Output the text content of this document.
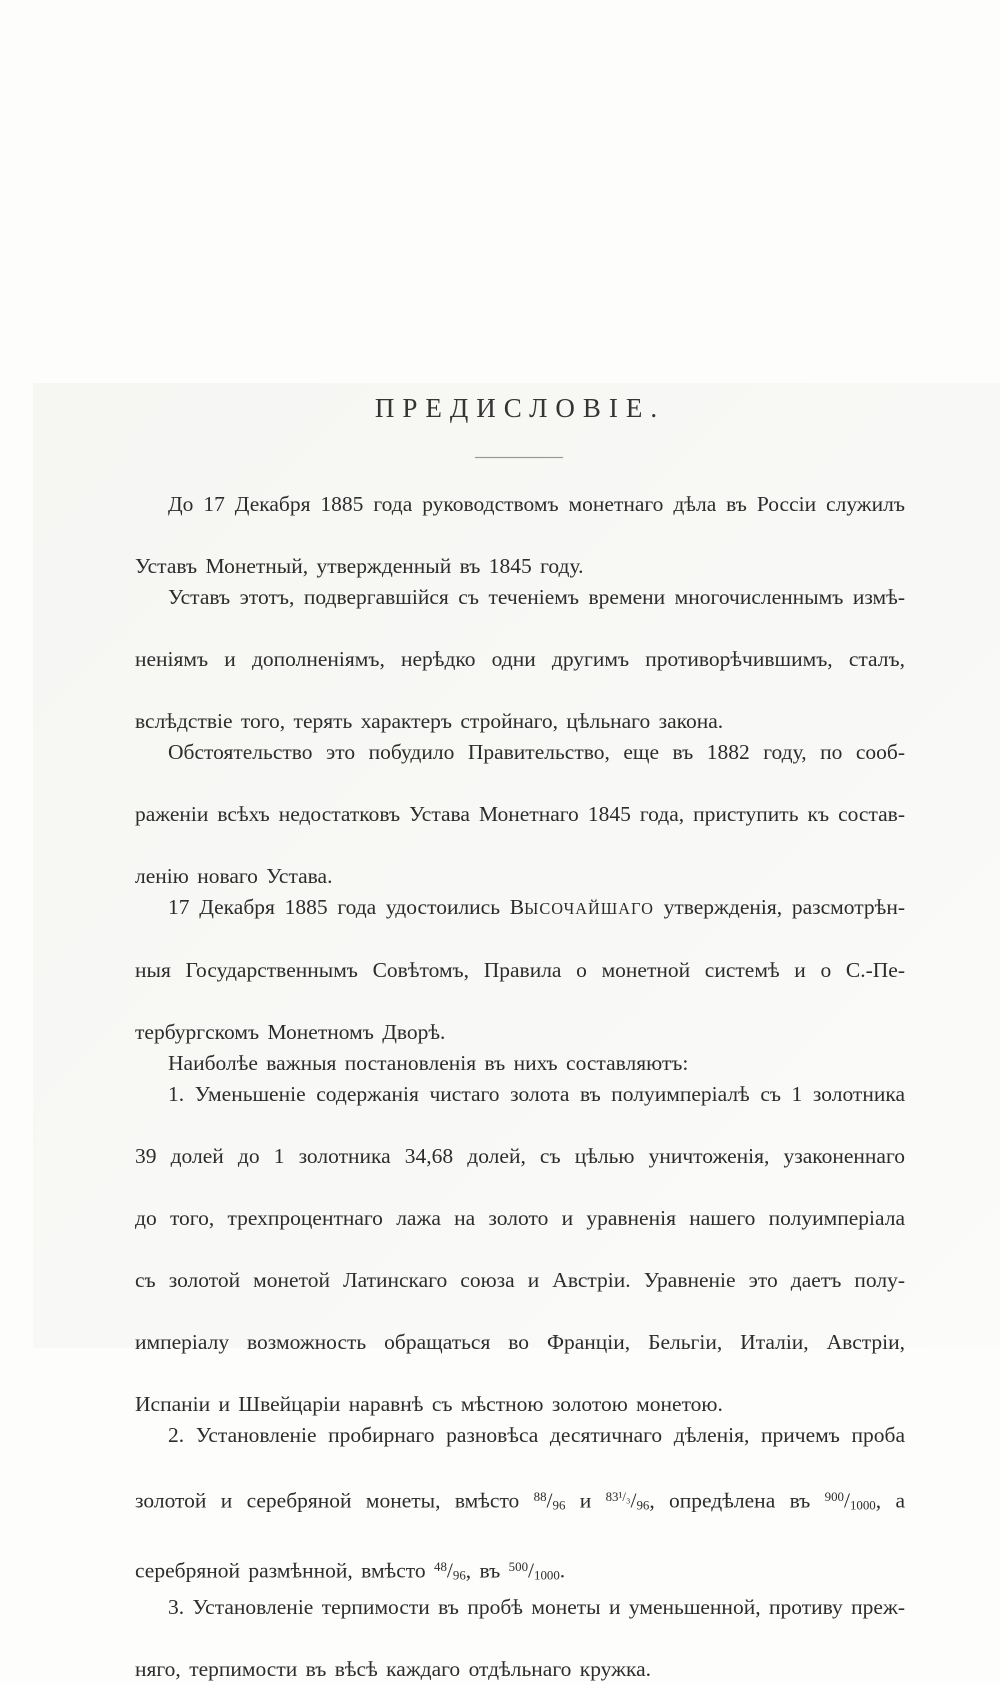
ПРЕДИСЛОВІЕ.
До 17 Декабря 1885 года руководствомъ монетнаго дѣла въ Россіи служилъ
Уставъ Монетный, утвержденный въ 1845 году.
Уставъ этотъ, подвергавшійся съ теченіемъ времени многочисленнымъ измѣ-
неніямъ и дополненіямъ, нерѣдко одни другимъ противорѣчившимъ, сталъ,
вслѣдствіе того, терять характеръ стройнаго, цѣльнаго закона.
Обстоятельство это побудило Правительство, еще въ 1882 году, по сооб-
раженіи всѣхъ недостатковъ Устава Монетнаго 1845 года, приступить къ состав-
ленію новаго Устава.
17 Декабря 1885 года удостоились ВЫСОЧАЙШАГО утвержденія, разсмотрѣн-
ныя Государственнымъ Совѣтомъ, Правила о монетной системѣ и о С.-Пе-
тербургскомъ Монетномъ Дворѣ.
Наиболѣе важныя постановленія въ нихъ составляютъ:
1. Уменьшеніе содержанія чистаго золота въ полуимперіалѣ съ 1 золотника
39 долей до 1 золотника 34,68 долей, съ цѣлью уничтоженія, узаконеннаго
до того, трехпроцентнаго лажа на золото и уравненія нашего полуимперіала
съ золотой монетой Латинскаго союза и Австріи. Уравненіе это даетъ полу-
имперіалу возможность обращаться во Франціи, Бельгіи, Италіи, Австріи,
Испаніи и Швейцаріи наравнѣ съ мѣстною золотою монетою.
2. Установленіе пробирнаго разновѣса десятичнаго дѣленія, причемъ проба
золотой и серебряной монеты, вмѣсто $^{88}$/96 и $^{83^1/_3}$/96, опредѣлена въ $^{900}$/1000, а
серебряной размѣнной, вмѣсто $^{48}$/96, въ $^{500}$/1000.
3. Установленіе терпимости въ пробѣ монеты и уменьшенной, противу преж-
няго, терпимости въ вѣсѣ каждаго отдѣльнаго кружка.
